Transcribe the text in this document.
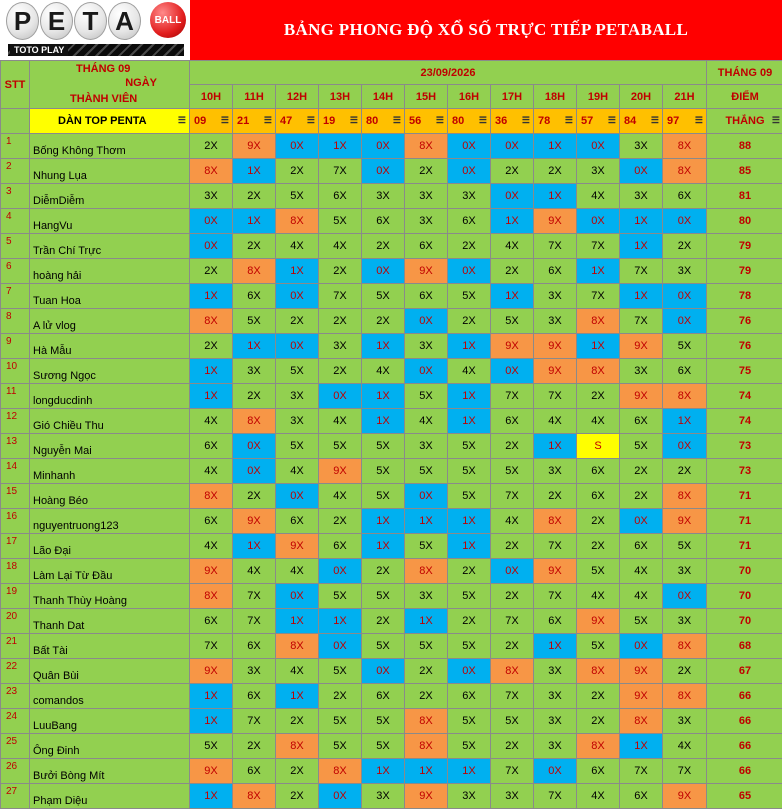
P E T A	BALL
TOTO PLAY
BẢNG PHONG ĐỘ XỔ SỐ TRỰC TIẾP PETABALL
STT	THÁNG 09
NGÀY
THÀNH VIÊN	23/09/2026												THÁNG 09
		10H	11H	12H	13H	14H	15H	16H	17H	18H	19H	20H	21H	ĐIỂM
	DÀN TOP PENTA ☰	09 ☰	21 ☰	47 ☰	19 ☰	80 ☰	56 ☰	80 ☰	36 ☰	78 ☰	57 ☰	84 ☰	97 ☰	THẮNG ☰

1	Bống Không Thơm	2X	9X	0X	1X	0X	8X	0X	0X	1X	0X	3X	8X	88
2	Nhung Lụa	8X	1X	2X	7X	0X	2X	0X	2X	2X	3X	0X	8X	85
3	DiễmDiễm	3X	2X	5X	6X	3X	3X	3X	0X	1X	4X	3X	6X	81
4	HangVu	0X	1X	8X	5X	6X	3X	6X	1X	9X	0X	1X	0X	80
5	Trần Chí Trực	0X	2X	4X	4X	2X	6X	2X	4X	7X	7X	1X	2X	79
6	hoàng hải	2X	8X	1X	2X	0X	9X	0X	2X	6X	1X	7X	3X	79
7	Tuan Hoa	1X	6X	0X	7X	5X	6X	5X	1X	3X	7X	1X	0X	78
8	A lử vlog	8X	5X	2X	2X	2X	0X	2X	5X	3X	8X	7X	0X	76
9	Hà Mẫu	2X	1X	0X	3X	1X	3X	1X	9X	9X	1X	9X	5X	76
10	Sương Ngọc	1X	3X	5X	2X	4X	0X	4X	0X	9X	8X	3X	6X	75
11	longducdinh	1X	2X	3X	0X	1X	5X	1X	7X	7X	2X	9X	8X	74
12	Gió Chiều Thu	4X	8X	3X	4X	1X	4X	1X	6X	4X	4X	6X	1X	74
13	Nguyễn Mai	6X	0X	5X	5X	5X	3X	5X	2X	1X	S	5X	0X	73
14	Minhanh	4X	0X	4X	9X	5X	5X	5X	5X	3X	6X	2X	2X	73
15	Hoàng Béo	8X	2X	0X	4X	5X	0X	5X	7X	2X	6X	2X	8X	71
16	nguyentruong123	6X	9X	6X	2X	1X	1X	1X	4X	8X	2X	0X	9X	71
17	Lão Đại	4X	1X	9X	6X	1X	5X	1X	2X	7X	2X	6X	5X	71
18	Làm Lại Từ Đầu	9X	4X	4X	0X	2X	8X	2X	0X	9X	5X	4X	3X	70
19	Thanh Thùy Hoàng	8X	7X	0X	5X	5X	3X	5X	2X	7X	4X	4X	0X	70
20	Thanh Dat	6X	7X	1X	1X	2X	1X	2X	7X	6X	9X	5X	3X	70
21	Bất Tài	7X	6X	8X	0X	5X	5X	5X	2X	1X	5X	0X	8X	68
22	Quân Bùi	9X	3X	4X	5X	0X	2X	0X	8X	3X	8X	9X	2X	67
23	comandos	1X	6X	1X	2X	6X	2X	6X	7X	3X	2X	9X	8X	66
24	LuuBang	1X	7X	2X	5X	5X	8X	5X	5X	3X	2X	8X	3X	66
25	Ông Đinh	5X	2X	8X	5X	5X	8X	5X	2X	3X	8X	1X	4X	66
26	Bưởi Bòng Mít	9X	6X	2X	8X	1X	1X	1X	7X	0X	6X	7X	7X	66
27	Phạm Diệu	1X	8X	2X	0X	3X	9X	3X	3X	7X	4X	6X	9X	65
